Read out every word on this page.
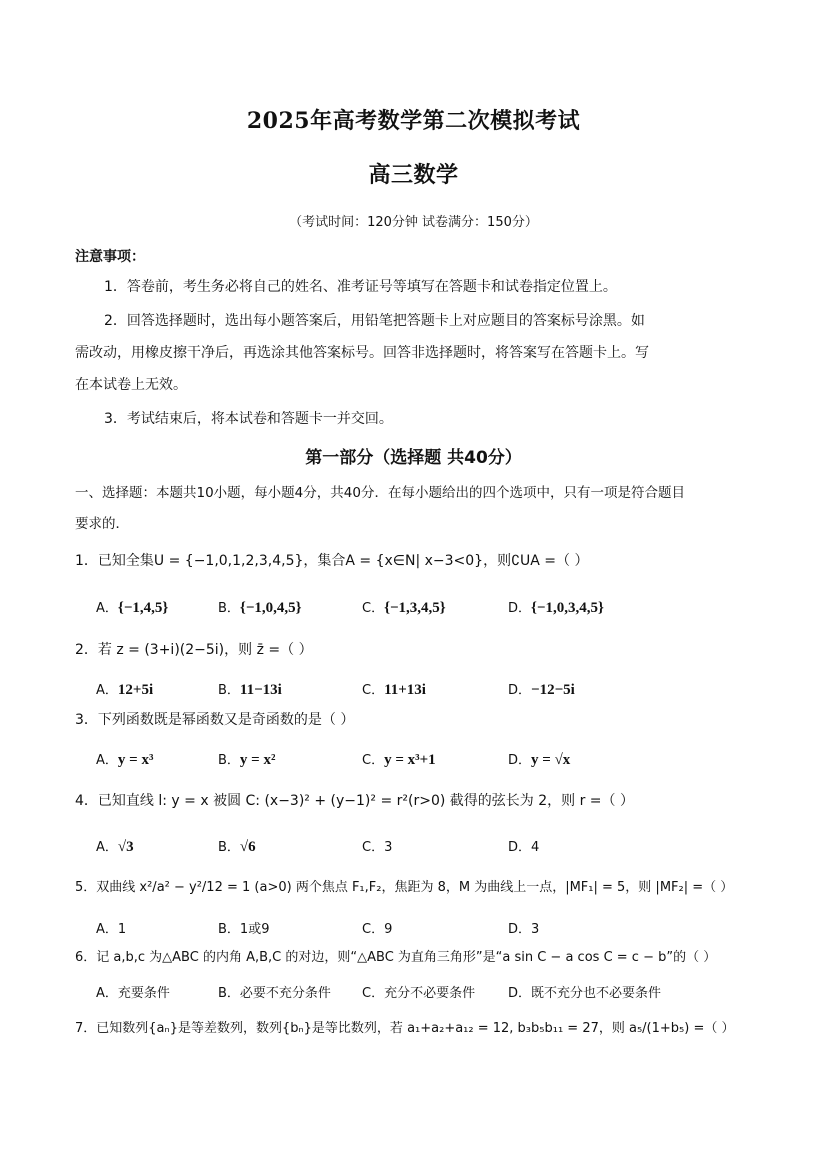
2025年高考数学第二次模拟考试
高三数学
（考试时间：120分钟 试卷满分：150分）
注意事项：
1．答卷前，考生务必将自己的姓名、准考证号等填写在答题卡和试卷指定位置上。
2．回答选择题时，选出每小题答案后，用铅笔把答题卡上对应题目的答案标号涂黑。如
需改动，用橡皮擦干净后，再选涂其他答案标号。回答非选择题时，将答案写在答题卡上。写
在本试卷上无效。
3．考试结束后，将本试卷和答题卡一并交回。
第一部分（选择题 共40分）
一、选择题：本题共10小题，每小题4分，共40分．在每小题给出的四个选项中，只有一项是符合题目
要求的．
1．已知全集U = {−1,0,1,2,3,4,5}，集合A = {x∈N| x−3<0}，则∁UA =（ ）
A．{−1,4,5}	B．{−1,0,4,5}	C．{−1,3,4,5}	D．{−1,0,3,4,5}
2．若 z = (3+i)(2−5i)，则 z̄ =（ ）
A．12+5i	B．11−13i	C．11+13i	D．−12−5i
3．下列函数既是幂函数又是奇函数的是（ ）
A．y = x³	B．y = x²	C．y = x³+1	D．y = √x
4．已知直线 l: y = x 被圆 C: (x−3)² + (y−1)² = r²(r>0) 截得的弦长为 2，则 r =（ ）
A．√3	B．√6	C．3	D．4
5．双曲线 x²/a² − y²/12 = 1 (a>0) 两个焦点 F₁,F₂，焦距为 8，M 为曲线上一点，|MF₁| = 5，则 |MF₂| =（ ）
A．1	B．1或9	C．9	D．3
6．记 a,b,c 为△ABC 的内角 A,B,C 的对边，则“△ABC 为直角三角形”是“a sin C − a cos C = c − b”的（ ）
A．充要条件	B．必要不充分条件 C．充分不必要条件	D．既不充分也不必要条件
7．已知数列{aₙ}是等差数列，数列{bₙ}是等比数列，若 a₁+a₂+a₁₂ = 12, b₃b₅b₁₁ = 27，则 a₅/(1+b₅) =（ ）
